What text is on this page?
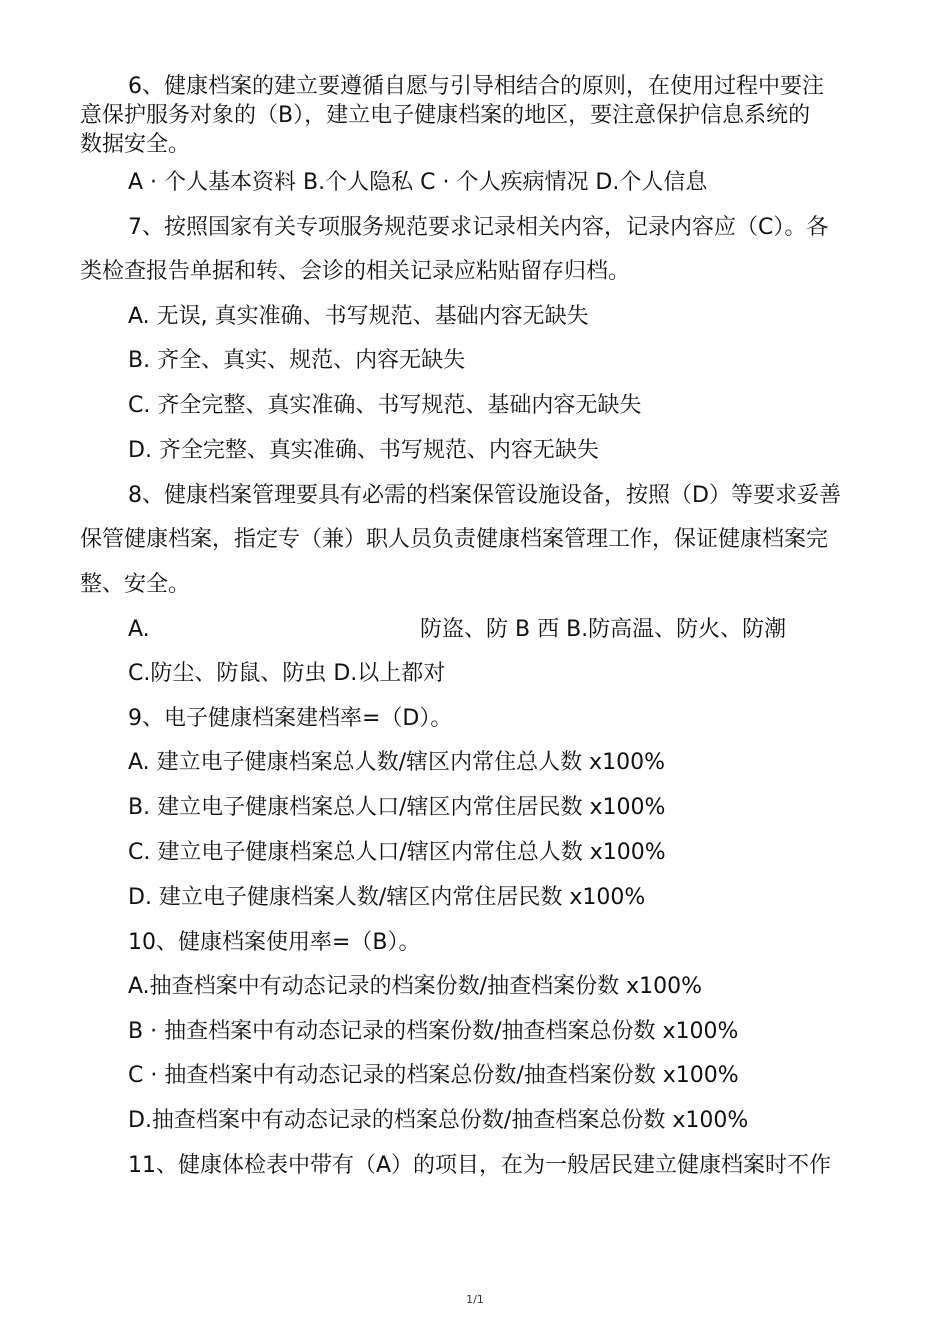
6、健康档案的建立要遵循自愿与引导相结合的原则，在使用过程中要注
意保护服务对象的（B），建立电子健康档案的地区，要注意保护信息系统的
数据安全。
A · 个人基本资料 B.个人隐私 C · 个人疾病情况 D.个人信息
7、按照国家有关专项服务规范要求记录相关内容，记录内容应（C）。各
类检查报告单据和转、会诊的相关记录应粘贴留存归档。
A. 无误, 真实准确、书写规范、基础内容无缺失
B. 齐全、真实、规范、内容无缺失
C. 齐全完整、真实准确、书写规范、基础内容无缺失
D. 齐全完整、真实准确、书写规范、内容无缺失
8、健康档案管理要具有必需的档案保管设施设备，按照（D）等要求妥善
保管健康档案，指定专（兼）职人员负责健康档案管理工作，保证健康档案完
整、安全。
A.	防盗、防 B 西 B.防高温、防火、防潮
C.防尘、防鼠、防虫 D.以上都对
9、电子健康档案建档率=（D）。
A. 建立电子健康档案总人数/辖区内常住总人数 x100%
B. 建立电子健康档案总人口/辖区内常住居民数 x100%
C. 建立电子健康档案总人口/辖区内常住总人数 x100%
D. 建立电子健康档案人数/辖区内常住居民数 x100%
10、健康档案使用率=（B）。
A.抽查档案中有动态记录的档案份数/抽查档案份数 x100%
B · 抽查档案中有动态记录的档案份数/抽查档案总份数 x100%
C · 抽查档案中有动态记录的档案总份数/抽查档案份数 x100%
D.抽查档案中有动态记录的档案总份数/抽查档案总份数 x100%
11、健康体检表中带有（A）的项目，在为一般居民建立健康档案时不作
1/1
